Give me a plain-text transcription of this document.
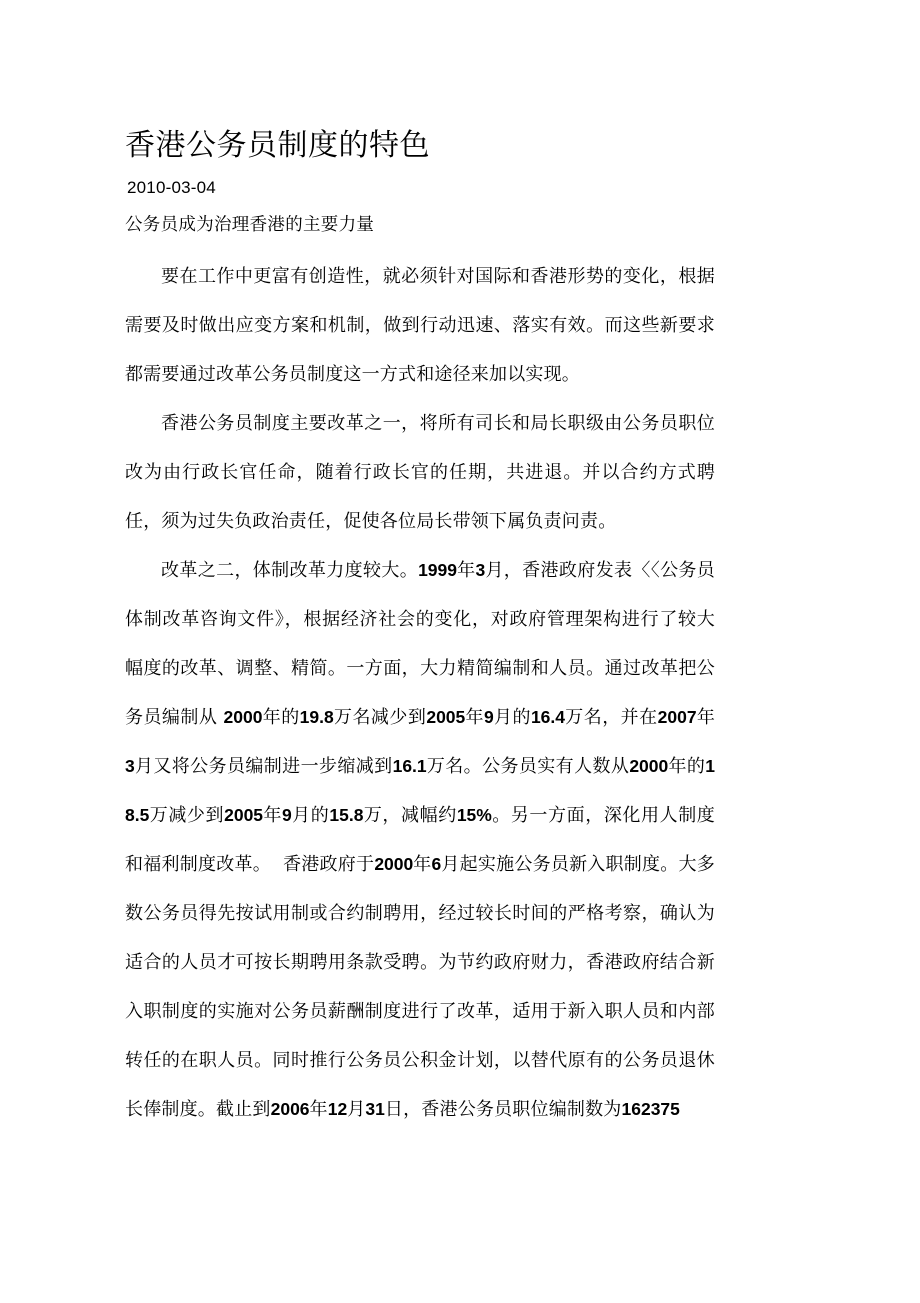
香港公务员制度的特色
2010-03-04
公务员成为治理香港的主要力量

要在工作中更富有创造性，就必须针对国际和香港形势的变化，根据需要及时做出应变方案和机制，做到行动迅速、落实有效。而这些新要求都需要通过改革公务员制度这一方式和途径来加以实现。

香港公务员制度主要改革之一，将所有司长和局长职级由公务员职位改为由行政长官任命，随着行政长官的任期，共进退。并以合约方式聘任，须为过失负政治责任，促使各位局长带领下属负责问责。

改革之二，体制改革力度较大。1999年3月，香港政府发表〈〈公务员体制改革咨询文件》，根据经济社会的变化，对政府管理架构进行了较大幅度的改革、调整、精简。一方面，大力精简编制和人员。通过改革把公务员编制从 2000年的19.8万名减少到2005年9月的16.4万名，并在2007年3月又将公务员编制进一步缩减到16.1万名。公务员实有人数从2000年的18.5万减少到2005年9月的15.8万，减幅约15%。另一方面，深化用人制度和福利制度改革。 香港政府于2000年6月起实施公务员新入职制度。大多数公务员得先按试用制或合约制聘用，经过较长时间的严格考察，确认为适合的人员才可按长期聘用条款受聘。为节约政府财力，香港政府结合新入职制度的实施对公务员薪酬制度进行了改革，适用于新入职人员和内部转任的在职人员。同时推行公务员公积金计划，以替代原有的公务员退休长俸制度。截止到2006年12月31日，香港公务员职位编制数为162375
